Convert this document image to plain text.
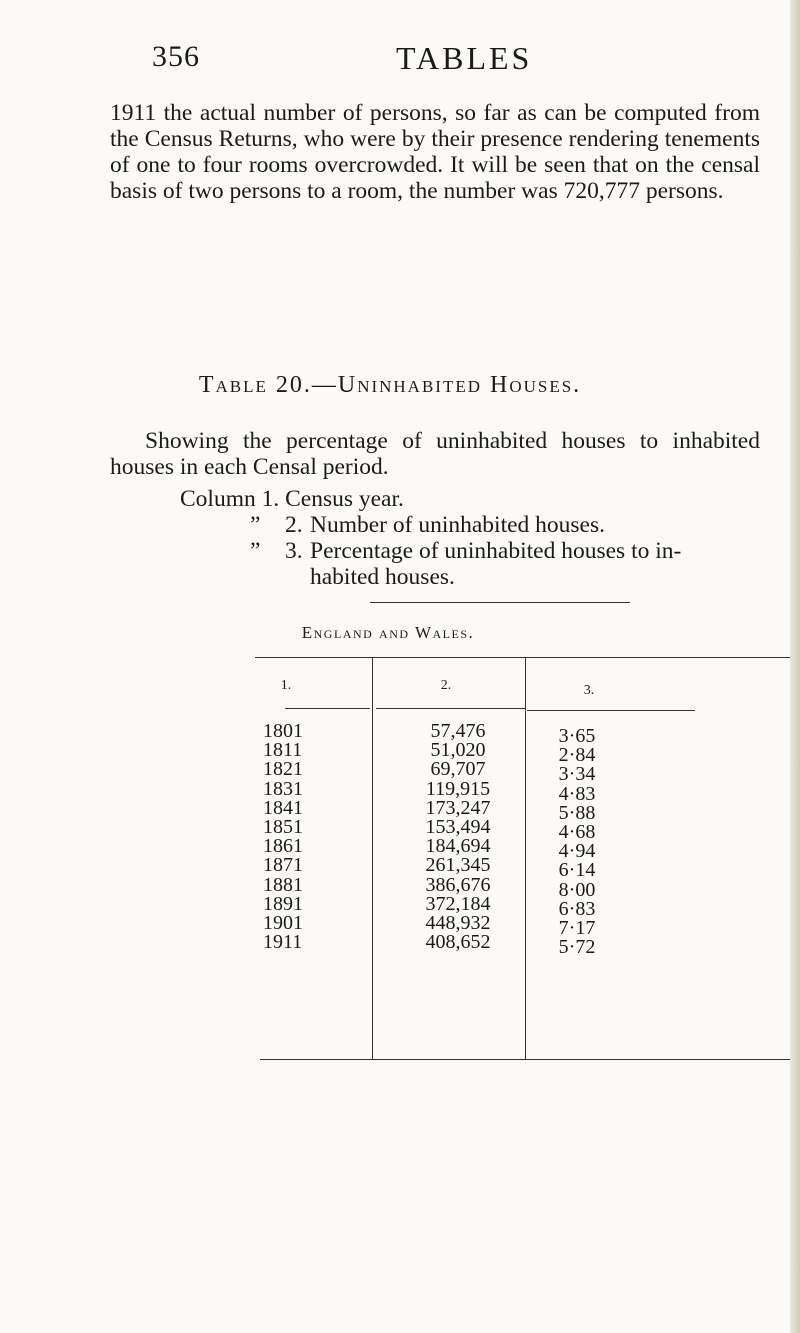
356	TABLES
1911 the actual number of persons, so far as can be computed from the Census Returns, who were by their presence rendering tenements of one to four rooms overcrowded. It will be seen that on the censal basis of two persons to a room, the number was 720,777 persons.
Table 20.—Uninhabited Houses.
Showing the percentage of uninhabited houses to inhabited houses in each Censal period.
Column 1. Census year.
” 2. Number of uninhabited houses.
” 3. Percentage of uninhabited houses to in-
habited houses.
England and Wales.
1.	2.	3.
1801	57,476	3·65
1811	51,020	2·84
1821	69,707	3·34
1831	119,915	4·83
1841	173,247	5·88
1851	153,494	4·68
1861	184,694	4·94
1871	261,345	6·14
1881	386,676	8·00
1891	372,184	6·83
1901	448,932	7·17
1911	408,652	5·72
